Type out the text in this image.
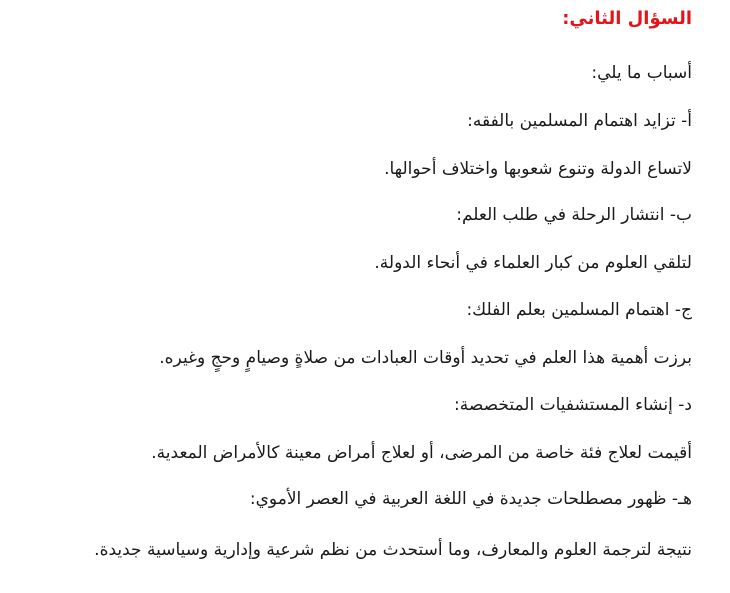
السؤال الثاني:
أسباب ما يلي:
أ- تزايد اهتمام المسلمين بالفقه:
لاتساع الدولة وتنوع شعوبها واختلاف أحوالها.
ب- انتشار الرحلة في طلب العلم:
لتلقي العلوم من كبار العلماء في أنحاء الدولة.
ج- اهتمام المسلمين بعلم الفلك:
برزت أهمية هذا العلم في تحديد أوقات العبادات من صلاةٍ وصيامٍ وحجٍ وغيره.
د- إنشاء المستشفيات المتخصصة:
أقيمت لعلاج فئة خاصة من المرضى، أو لعلاج أمراض معينة كالأمراض المعدية.
هـ- ظهور مصطلحات جديدة في اللغة العربية في العصر الأموي:
نتيجة لترجمة العلوم والمعارف، وما أستحدث من نظم شرعية وإدارية وسياسية جديدة.
